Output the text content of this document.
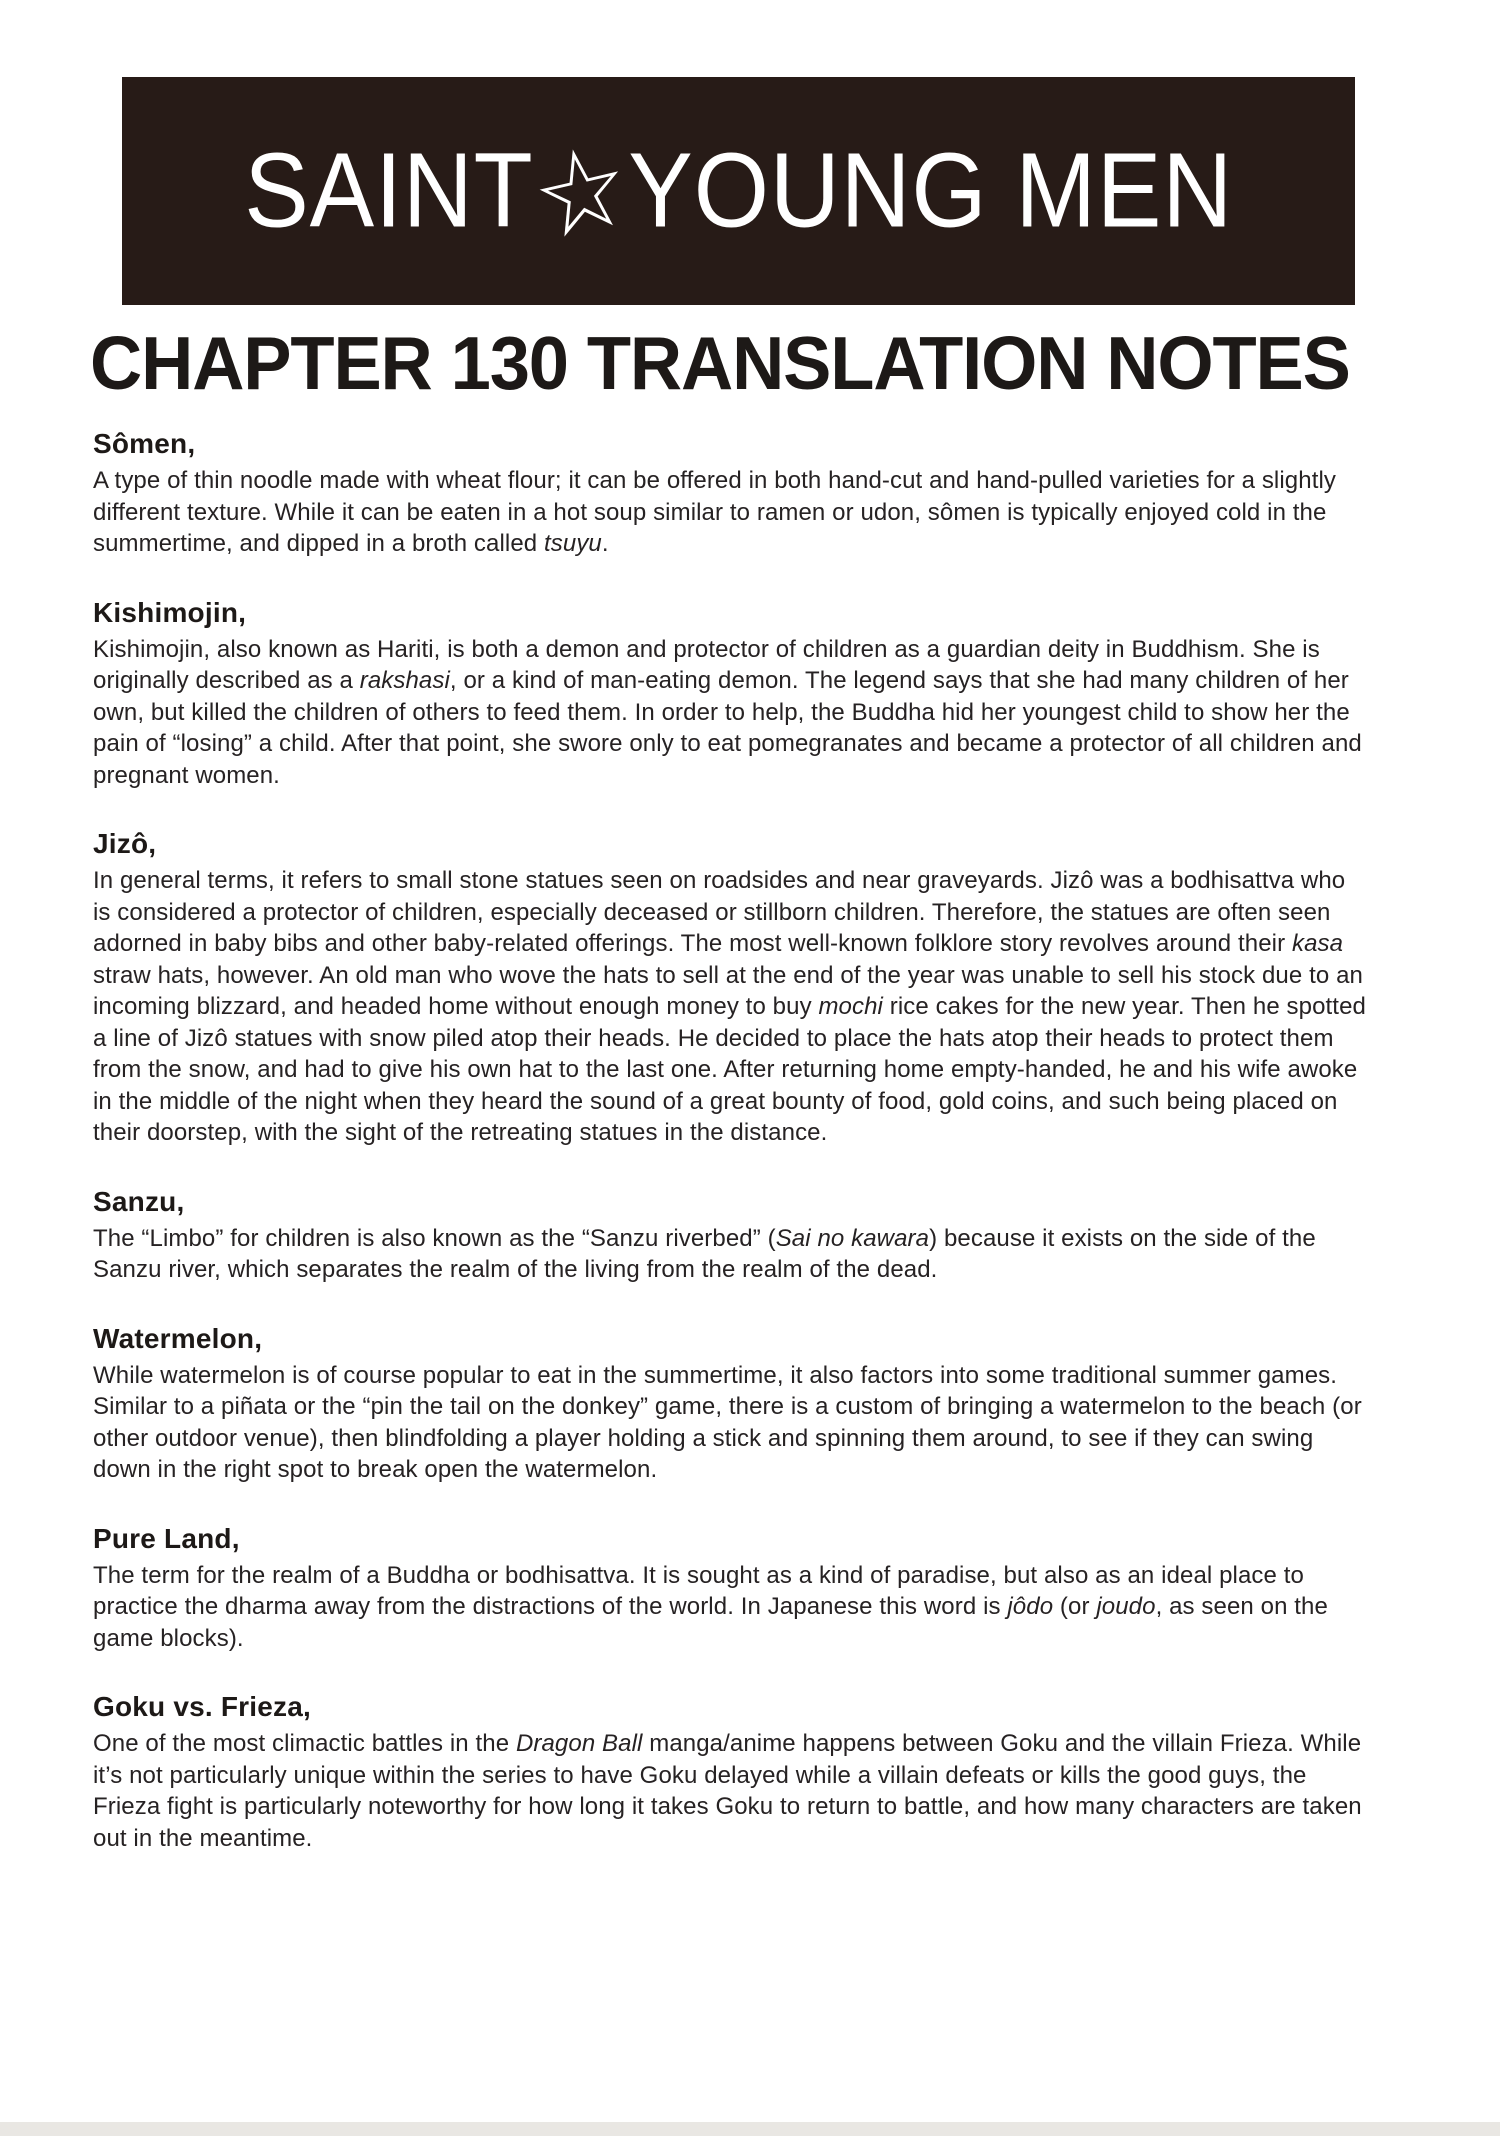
SAINT☆YOUNG MEN
CHAPTER 130 TRANSLATION NOTES
Sômen,

A type of thin noodle made with wheat flour; it can be offered in both hand-cut and hand-pulled varieties for a slightly different texture. While it can be eaten in a hot soup similar to ramen or udon, sômen is typically enjoyed cold in the summertime, and dipped in a broth called tsuyu.

Kishimojin,

Kishimojin, also known as Hariti, is both a demon and protector of children as a guardian deity in Buddhism. She is originally described as a rakshasi, or a kind of man-eating demon. The legend says that she had many children of her own, but killed the children of others to feed them. In order to help, the Buddha hid her youngest child to show her the pain of “losing” a child. After that point, she swore only to eat pomegranates and became a protector of all children and pregnant women.

Jizô,

In general terms, it refers to small stone statues seen on roadsides and near graveyards. Jizô was a bodhisattva who is considered a protector of children, especially deceased or stillborn children. Therefore, the statues are often seen adorned in baby bibs and other baby-related offerings. The most well-known folklore story revolves around their kasa straw hats, however. An old man who wove the hats to sell at the end of the year was unable to sell his stock due to an incoming blizzard, and headed home without enough money to buy mochi rice cakes for the new year. Then he spotted a line of Jizô statues with snow piled atop their heads. He decided to place the hats atop their heads to protect them from the snow, and had to give his own hat to the last one. After returning home empty-handed, he and his wife awoke in the middle of the night when they heard the sound of a great bounty of food, gold coins, and such being placed on their doorstep, with the sight of the retreating statues in the distance.

Sanzu,

The “Limbo” for children is also known as the “Sanzu riverbed” (Sai no kawara) because it exists on the side of the Sanzu river, which separates the realm of the living from the realm of the dead.

Watermelon,

While watermelon is of course popular to eat in the summertime, it also factors into some traditional summer games. Similar to a piñata or the “pin the tail on the donkey” game, there is a custom of bringing a watermelon to the beach (or other outdoor venue), then blindfolding a player holding a stick and spinning them around, to see if they can swing down in the right spot to break open the watermelon.

Pure Land,

The term for the realm of a Buddha or bodhisattva. It is sought as a kind of paradise, but also as an ideal place to practice the dharma away from the distractions of the world. In Japanese this word is jôdo (or joudo, as seen on the game blocks).

Goku vs. Frieza,

One of the most climactic battles in the Dragon Ball manga/anime happens between Goku and the villain Frieza. While it’s not particularly unique within the series to have Goku delayed while a villain defeats or kills the good guys, the Frieza fight is particularly noteworthy for how long it takes Goku to return to battle, and how many characters are taken out in the meantime.
